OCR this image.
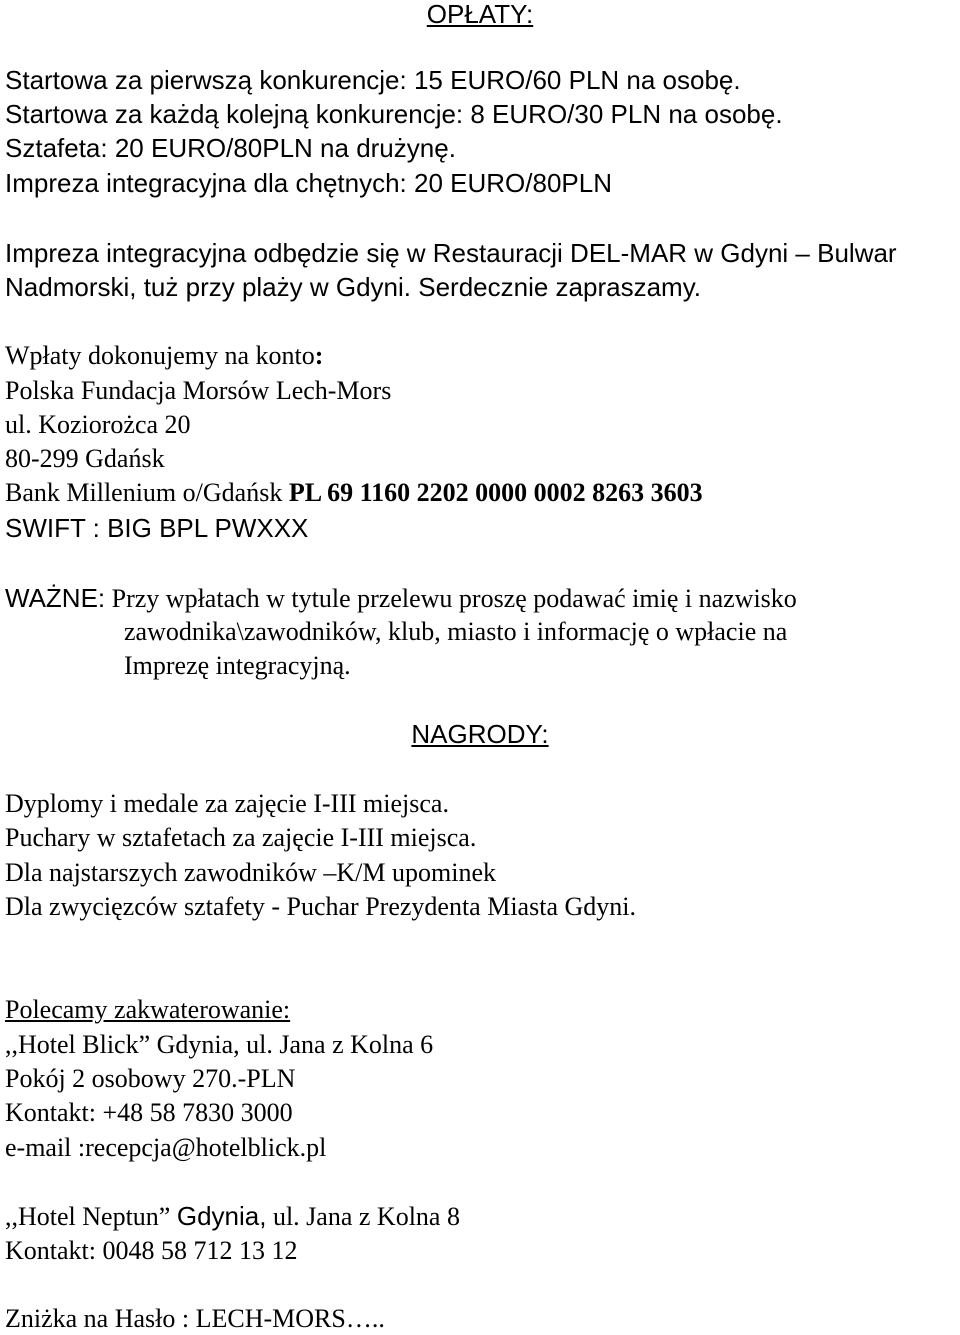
OPŁATY:
Startowa za pierwszą konkurencje: 15 EURO/60 PLN na osobę.
Startowa za każdą kolejną konkurencje: 8 EURO/30 PLN na osobę.
Sztafeta: 20 EURO/80PLN na drużynę.
Impreza integracyjna dla chętnych: 20 EURO/80PLN
Impreza integracyjna odbędzie się w Restauracji DEL-MAR w Gdyni – Bulwar
Nadmorski, tuż przy plaży w Gdyni. Serdecznie zapraszamy.
Wpłaty dokonujemy na konto:
Polska Fundacja Morsów Lech-Mors
ul. Koziorożca 20
80-299 Gdańsk
Bank Millenium o/Gdańsk PL 69 1160 2202 0000 0002 8263 3603
SWIFT : BIG BPL PWXXX
WAŻNE: Przy wpłatach w tytule przelewu proszę podawać imię i nazwisko
zawodnika\zawodników, klub, miasto i informację o wpłacie na
Imprezę integracyjną.
NAGRODY:
Dyplomy i medale za zajęcie I-III miejsca.
Puchary w sztafetach za zajęcie I-III miejsca.
Dla najstarszych zawodników –K/M upominek
Dla zwycięzców sztafety - Puchar Prezydenta Miasta Gdyni.
Polecamy zakwaterowanie:
,,Hotel Blick” Gdynia, ul. Jana z Kolna 6
Pokój 2 osobowy 270.-PLN
Kontakt: +48 58 7830 3000
e-mail :recepcja@hotelblick.pl
,,Hotel Neptun” Gdynia, ul. Jana z Kolna 8
Kontakt: 0048 58 712 13 12
Zniżka na Hasło : LECH-MORS…..
